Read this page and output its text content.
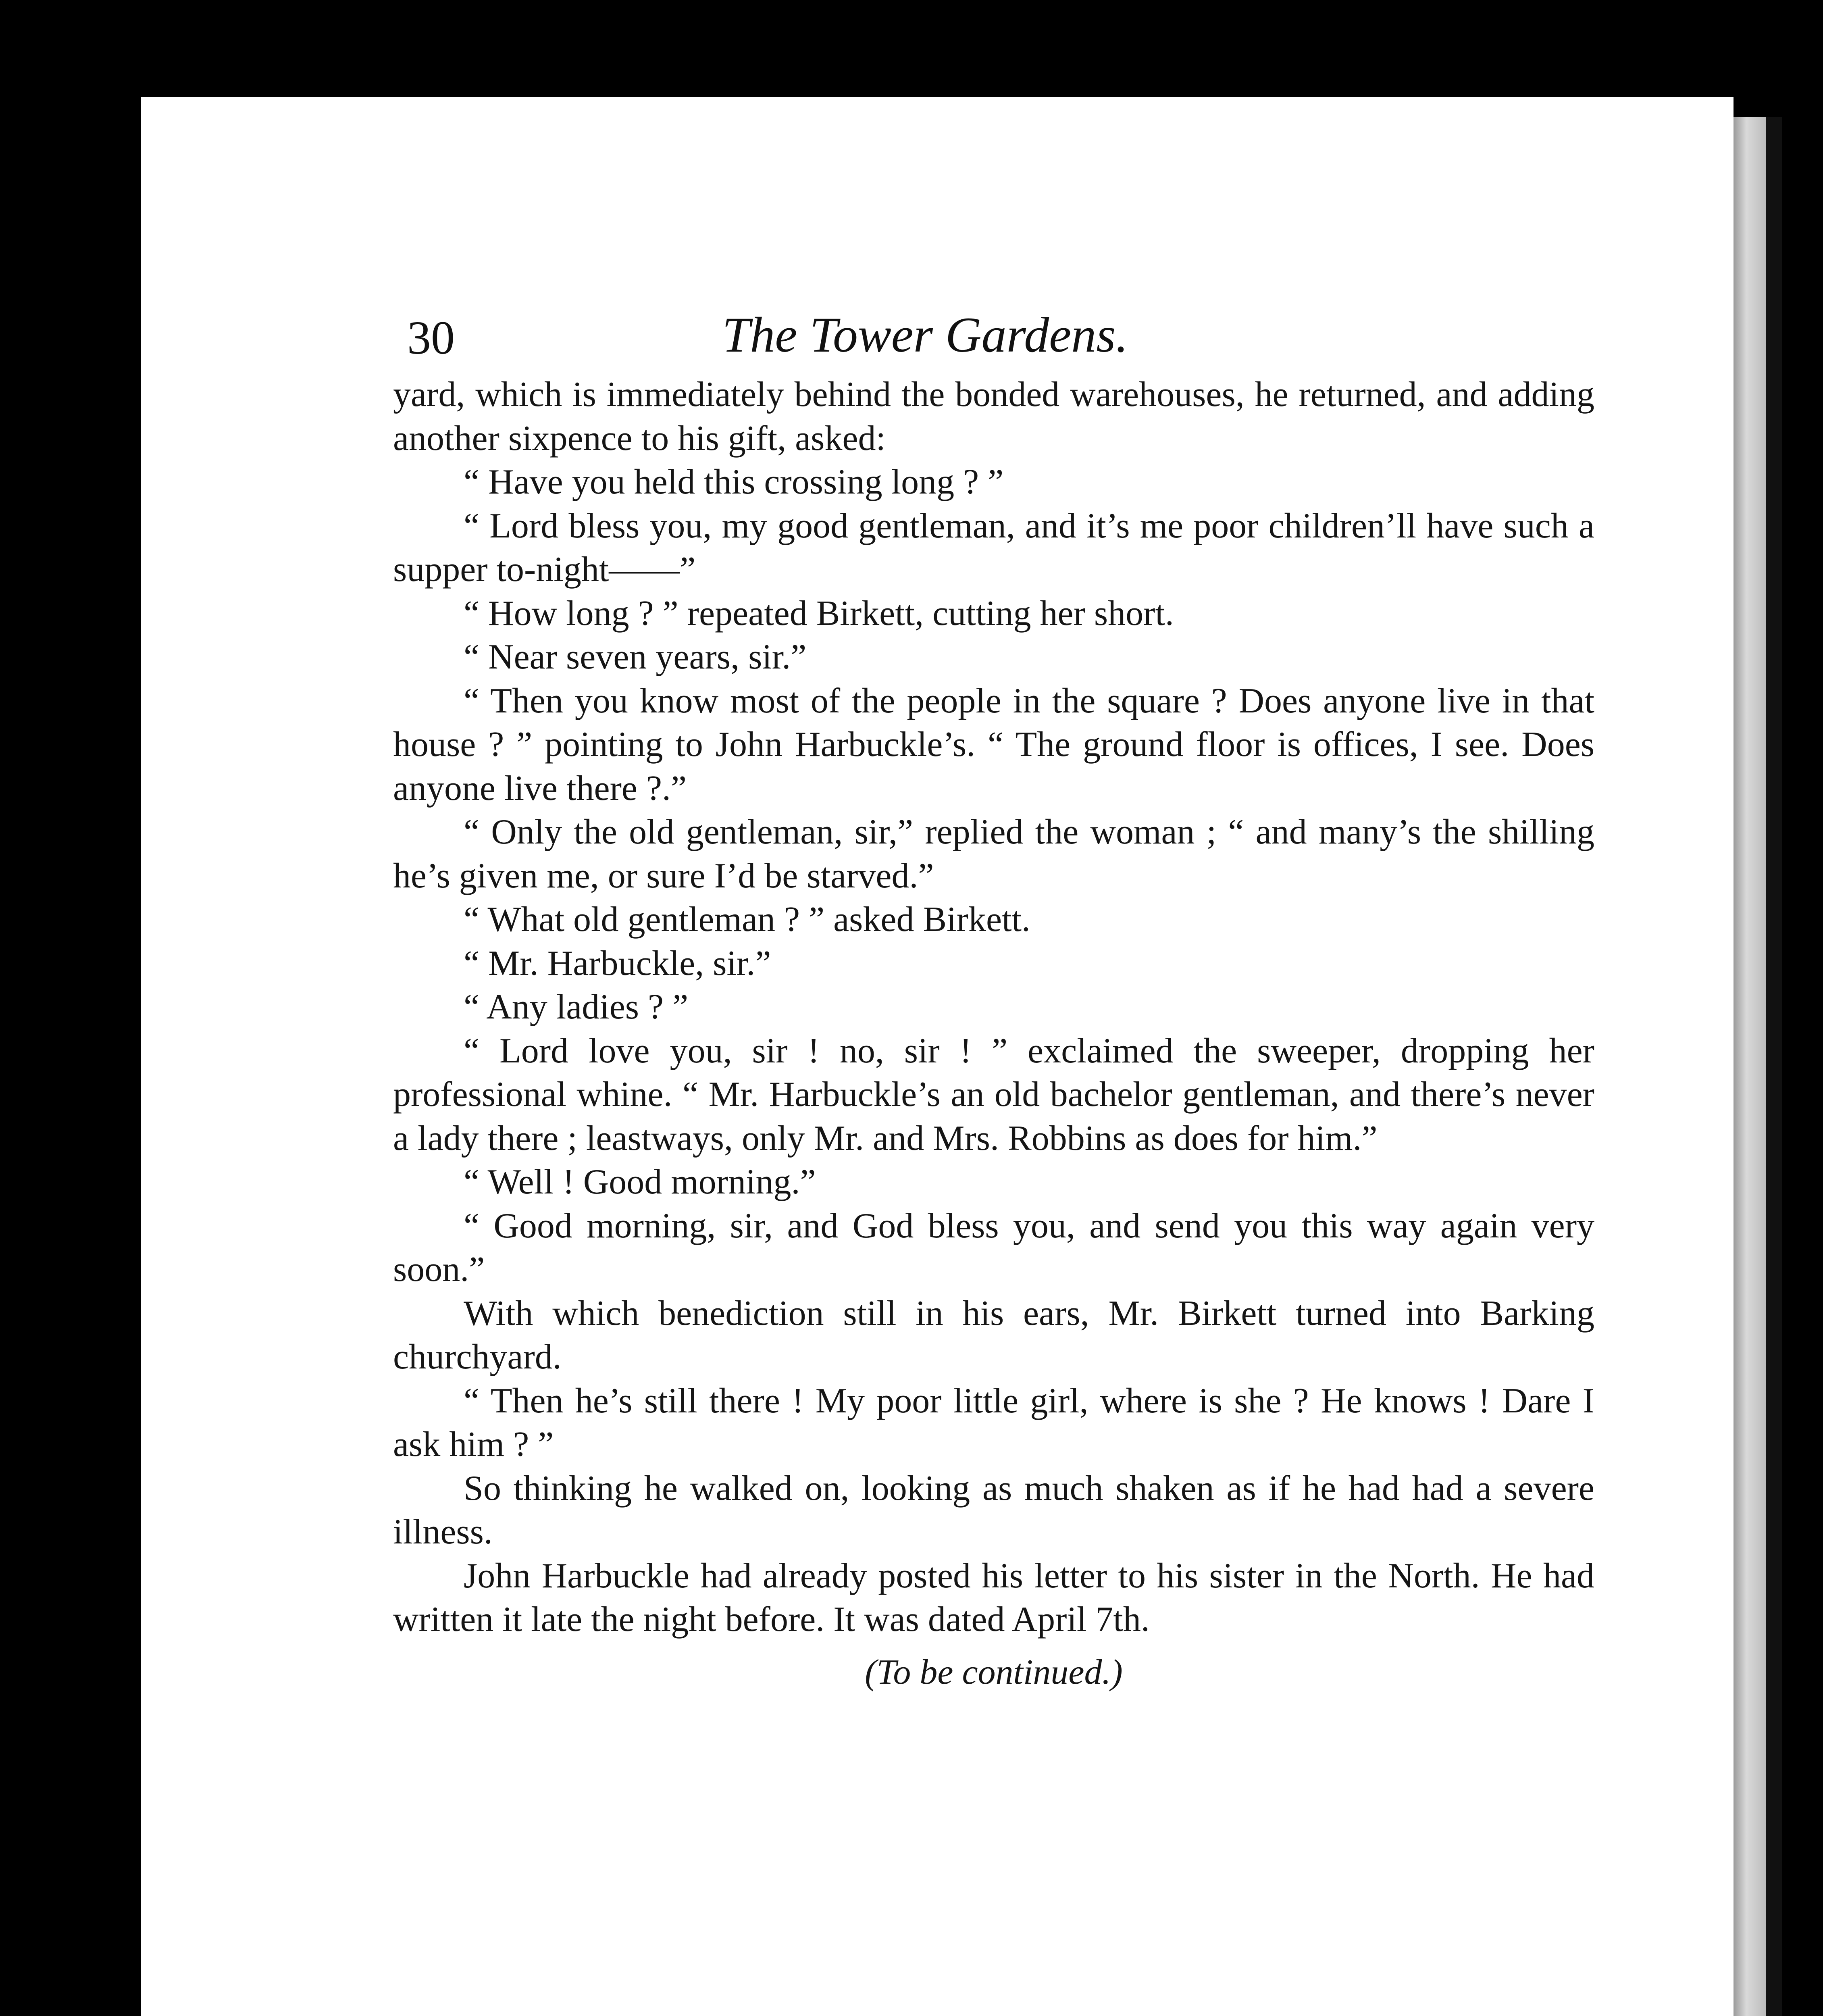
30	The Tower Gardens.

yard, which is immediately behind the bonded warehouses, he returned, and adding another sixpence to his gift, asked:

“ Have you held this crossing long ? ”

“ Lord bless you, my good gentleman, and it’s me poor children’ll have such a supper to-night——”

“ How long ? ” repeated Birkett, cutting her short.

“ Near seven years, sir.”

“ Then you know most of the people in the square ? Does anyone live in that house ? ” pointing to John Harbuckle’s. “ The ground floor is offices, I see. Does anyone live there ?.”

“ Only the old gentleman, sir,” replied the woman ; “ and many’s the shilling he’s given me, or sure I’d be starved.”

“ What old gentleman ? ” asked Birkett.

“ Mr. Harbuckle, sir.”

“ Any ladies ? ”

“ Lord love you, sir ! no, sir ! ” exclaimed the sweeper, dropping her professional whine. “ Mr. Harbuckle’s an old bachelor gentleman, and there’s never a lady there ; leastways, only Mr. and Mrs. Robbins as does for him.”

“ Well ! Good morning.”

“ Good morning, sir, and God bless you, and send you this way again very soon.”

With which benediction still in his ears, Mr. Birkett turned into Barking churchyard.

“ Then he’s still there ! My poor little girl, where is she ? He knows ! Dare I ask him ? ”

So thinking he walked on, looking as much shaken as if he had had a severe illness.

John Harbuckle had already posted his letter to his sister in the North. He had written it late the night before. It was dated April 7th.

(To be continued.)
